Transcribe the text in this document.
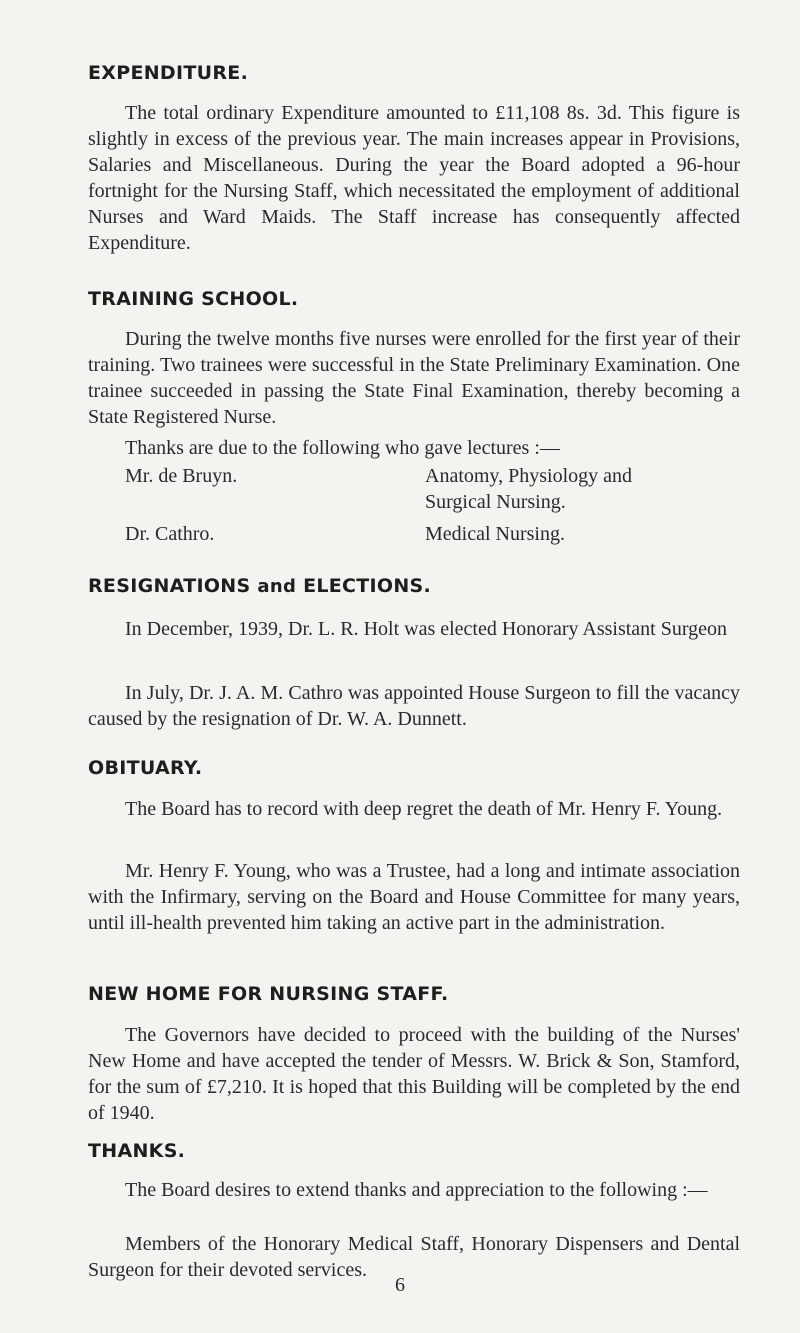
EXPENDITURE.

The total ordinary Expenditure amounted to £11,108 8s. 3d. This figure is slightly in excess of the previous year. The main increases appear in Provisions, Salaries and Miscellaneous. During the year the Board adopted a 96-hour fortnight for the Nursing Staff, which necessitated the employment of additional Nurses and Ward Maids. The Staff increase has consequently affected Expenditure.

TRAINING SCHOOL.

During the twelve months five nurses were enrolled for the first year of their training. Two trainees were successful in the State Preliminary Examination. One trainee succeeded in passing the State Final Examination, thereby becoming a State Registered Nurse.

Thanks are due to the following who gave lectures :—

Mr. de Bruyn.	Anatomy, Physiology and

Surgical Nursing.

Dr. Cathro.	Medical Nursing.

RESIGNATIONS and ELECTIONS.

In December, 1939, Dr. L. R. Holt was elected Honorary Assistant Surgeon

In July, Dr. J. A. M. Cathro was appointed House Surgeon to fill the vacancy caused by the resignation of Dr. W. A. Dunnett.

OBITUARY.

The Board has to record with deep regret the death of Mr. Henry F. Young.

Mr. Henry F. Young, who was a Trustee, had a long and intimate association with the Infirmary, serving on the Board and House Committee for many years, until ill-health prevented him taking an active part in the administration.

NEW HOME FOR NURSING STAFF.

The Governors have decided to proceed with the building of the Nurses' New Home and have accepted the tender of Messrs. W. Brick & Son, Stamford, for the sum of £7,210. It is hoped that this Building will be completed by the end of 1940.

THANKS.

The Board desires to extend thanks and appreciation to the following :—

Members of the Honorary Medical Staff, Honorary Dispensers and Dental Surgeon for their devoted services.

6
